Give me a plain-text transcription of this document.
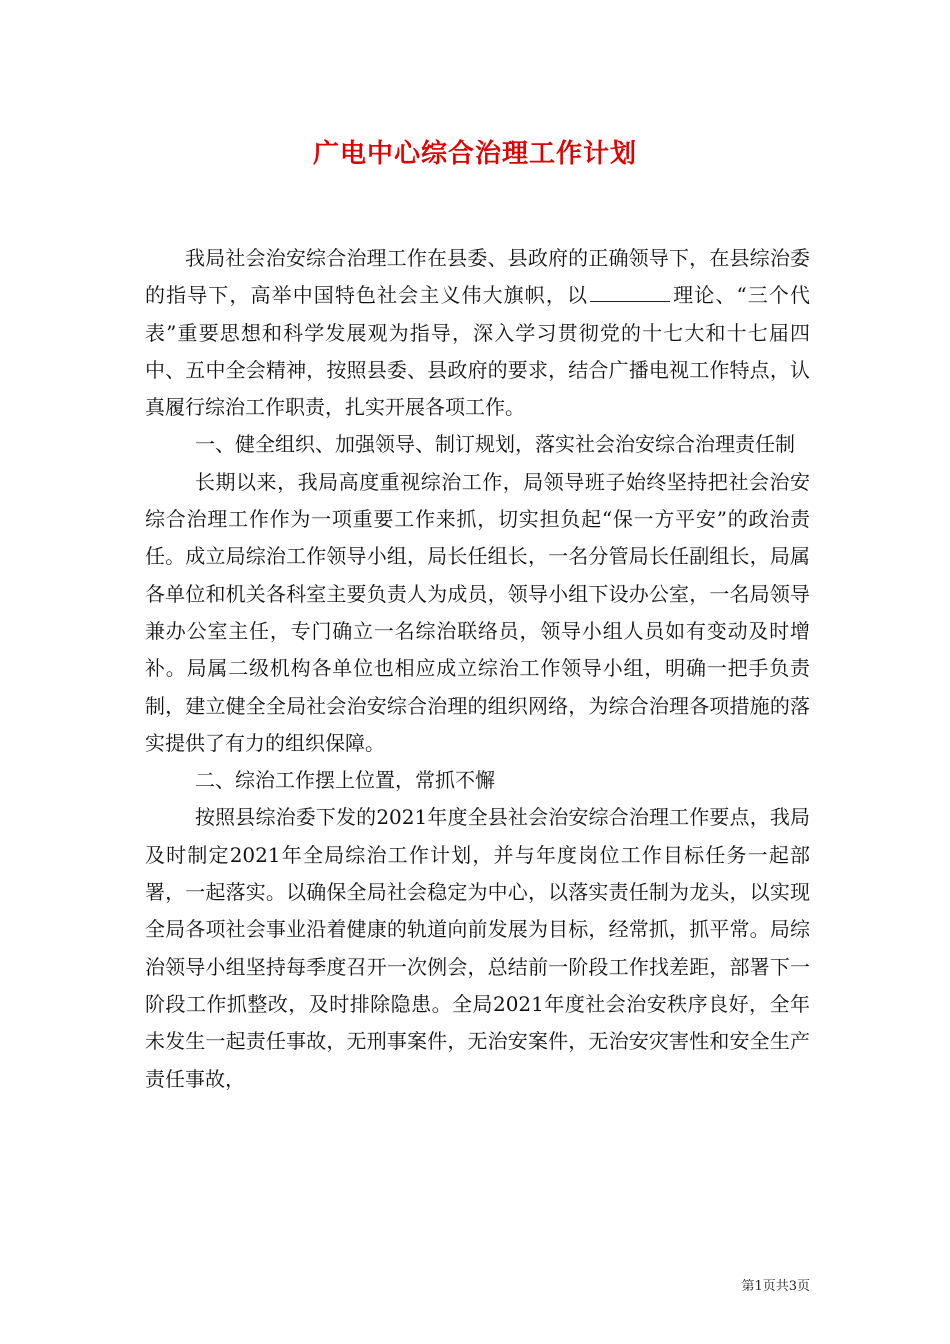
广电中心综合治理工作计划

我局社会治安综合治理工作在县委、县政府的正确领导下，在县综治委的指导下，高举中国特色社会主义伟大旗帜，以	理论、“三个代表”重要思想和科学发展观为指导，深入学习贯彻党的十七大和十七届四中、五中全会精神，按照县委、县政府的要求，结合广播电视工作特点，认真履行综治工作职责，扎实开展各项工作。

一、健全组织、加强领导、制订规划，落实社会治安综合治理责任制

长期以来，我局高度重视综治工作，局领导班子始终坚持把社会治安综合治理工作作为一项重要工作来抓，切实担负起“保一方平安”的政治责任。成立局综治工作领导小组，局长任组长，一名分管局长任副组长，局属各单位和机关各科室主要负责人为成员，领导小组下设办公室，一名局领导兼办公室主任，专门确立一名综治联络员，领导小组人员如有变动及时增补。局属二级机构各单位也相应成立综治工作领导小组，明确一把手负责制，建立健全全局社会治安综合治理的组织网络，为综合治理各项措施的落实提供了有力的组织保障。

二、综治工作摆上位置，常抓不懈

按照县综治委下发的2021年度全县社会治安综合治理工作要点，我局及时制定2021年全局综治工作计划，并与年度岗位工作目标任务一起部署，一起落实。以确保全局社会稳定为中心，以落实责任制为龙头，以实现全局各项社会事业沿着健康的轨道向前发展为目标，经常抓，抓平常。局综治领导小组坚持每季度召开一次例会，总结前一阶段工作找差距，部署下一阶段工作抓整改，及时排除隐患。全局2021年度社会治安秩序良好，全年未发生一起责任事故，无刑事案件，无治安案件，无治安灾害性和安全生产责任事故，

第1页共3页
